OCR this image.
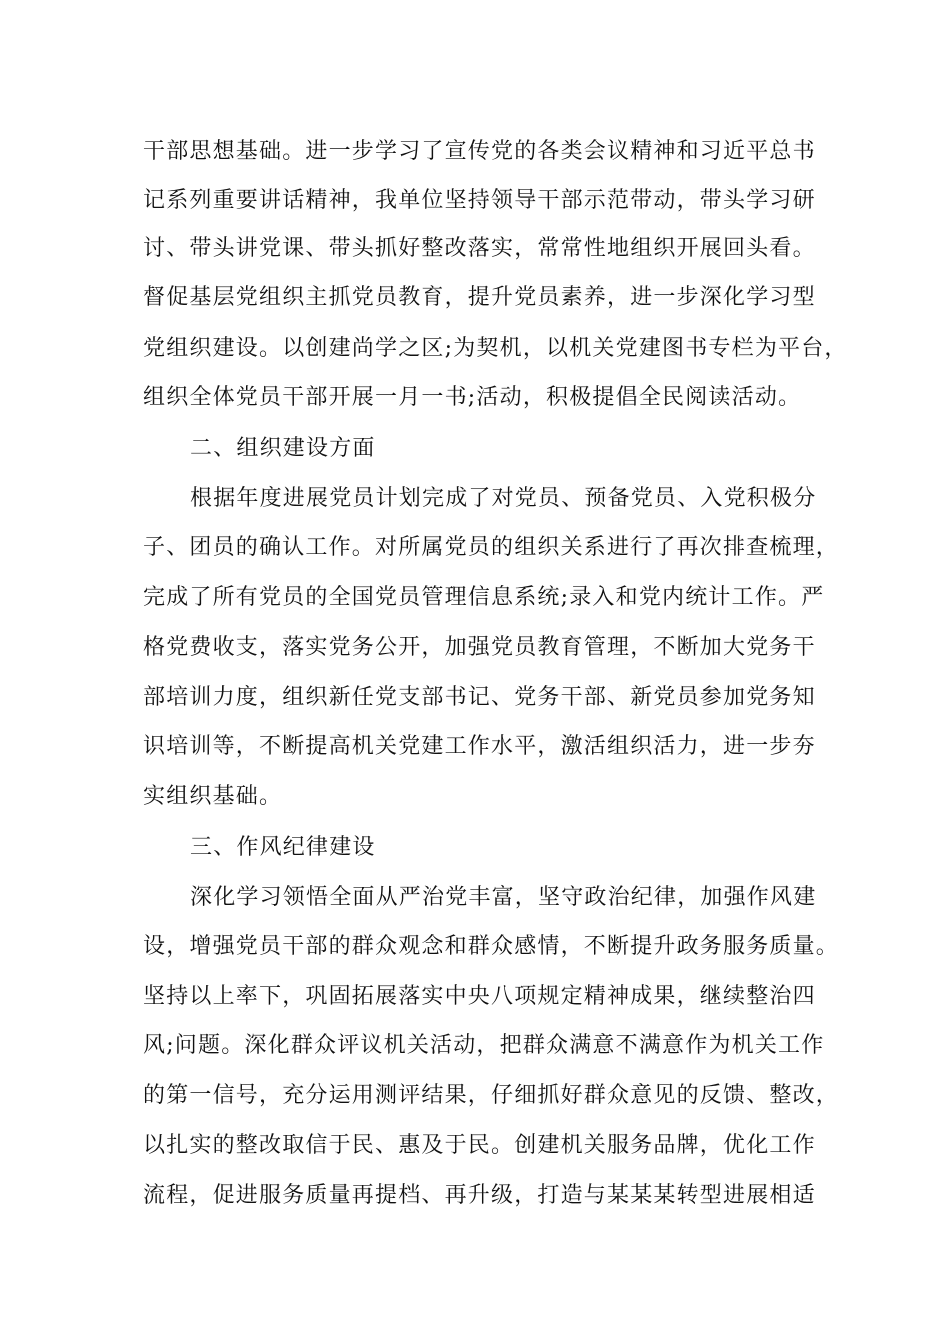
干部思想基础。进一步学习了宣传党的各类会议精神和习近平总书
记系列重要讲话精神，我单位坚持领导干部示范带动，带头学习研
讨、带头讲党课、带头抓好整改落实，常常性地组织开展回头看。
督促基层党组织主抓党员教育，提升党员素养，进一步深化学习型
党组织建设。以创建尚学之区;为契机，以机关党建图书专栏为平台，
组织全体党员干部开展一月一书;活动，积极提倡全民阅读活动。
二、组织建设方面
根据年度进展党员计划完成了对党员、预备党员、入党积极分
子、团员的确认工作。对所属党员的组织关系进行了再次排查梳理，
完成了所有党员的全国党员管理信息系统;录入和党内统计工作。严
格党费收支，落实党务公开，加强党员教育管理，不断加大党务干
部培训力度，组织新任党支部书记、党务干部、新党员参加党务知
识培训等，不断提高机关党建工作水平，激活组织活力，进一步夯
实组织基础。
三、作风纪律建设
深化学习领悟全面从严治党丰富，坚守政治纪律，加强作风建
设，增强党员干部的群众观念和群众感情，不断提升政务服务质量。
坚持以上率下，巩固拓展落实中央八项规定精神成果，继续整治四
风;问题。深化群众评议机关活动，把群众满意不满意作为机关工作
的第一信号，充分运用测评结果，仔细抓好群众意见的反馈、整改，
以扎实的整改取信于民、惠及于民。创建机关服务品牌，优化工作
流程，促进服务质量再提档、再升级，打造与某某某转型进展相适
